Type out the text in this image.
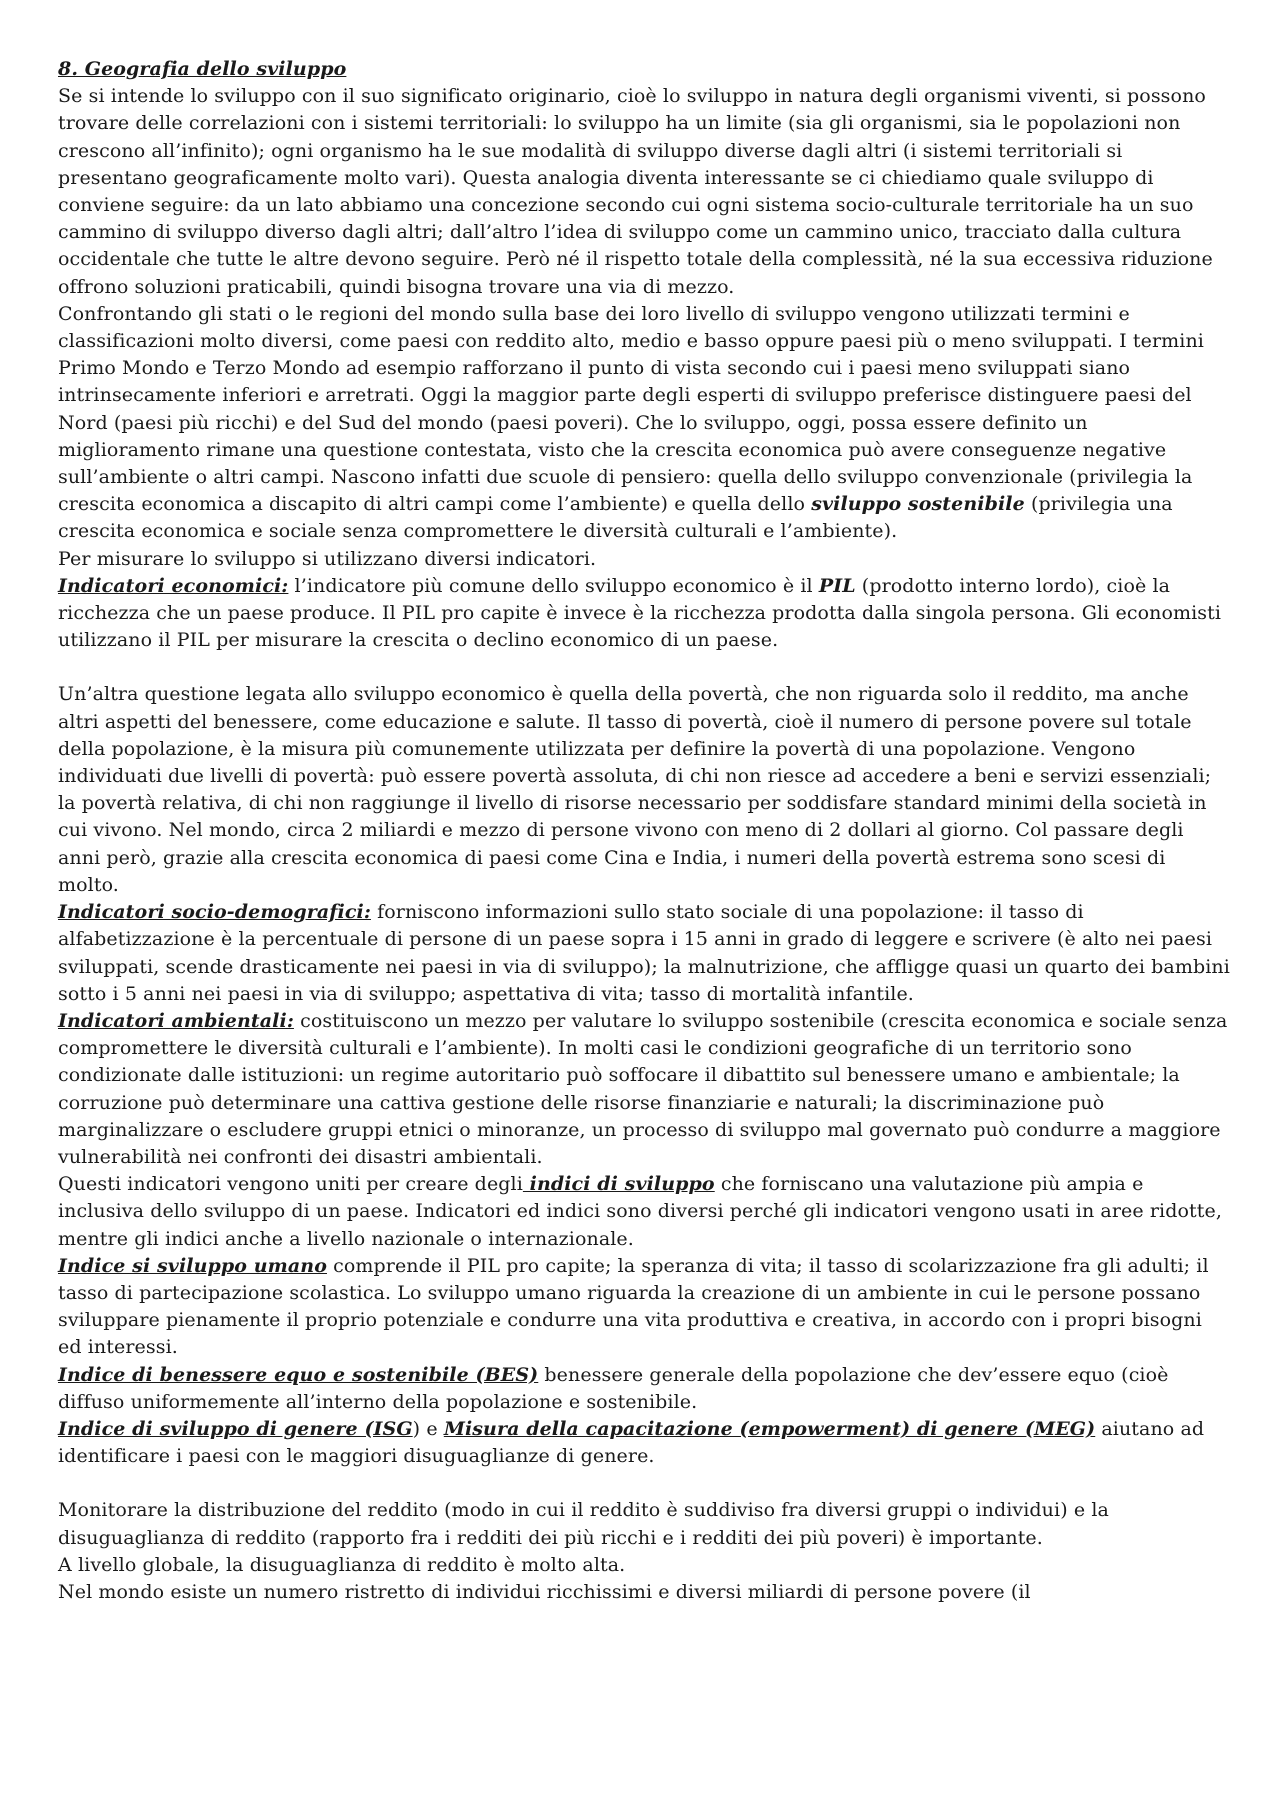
8. Geografia dello sviluppo

Se si intende lo sviluppo con il suo significato originario, cioè lo sviluppo in natura degli organismi viventi, si possono trovare delle correlazioni con i sistemi territoriali: lo sviluppo ha un limite (sia gli organismi, sia le popolazioni non crescono all’infinito); ogni organismo ha le sue modalità di sviluppo diverse dagli altri (i sistemi territoriali si presentano geograficamente molto vari). Questa analogia diventa interessante se ci chiediamo quale sviluppo di conviene seguire: da un lato abbiamo una concezione secondo cui ogni sistema socio-culturale territoriale ha un suo cammino di sviluppo diverso dagli altri; dall’altro l’idea di sviluppo come un cammino unico, tracciato dalla cultura occidentale che tutte le altre devono seguire. Però né il rispetto totale della complessità, né la sua eccessiva riduzione offrono soluzioni praticabili, quindi bisogna trovare una via di mezzo.

Confrontando gli stati o le regioni del mondo sulla base dei loro livello di sviluppo vengono utilizzati termini e classificazioni molto diversi, come paesi con reddito alto, medio e basso oppure paesi più o meno sviluppati. I termini Primo Mondo e Terzo Mondo ad esempio rafforzano il punto di vista secondo cui i paesi meno sviluppati siano intrinsecamente inferiori e arretrati. Oggi la maggior parte degli esperti di sviluppo preferisce distinguere paesi del Nord (paesi più ricchi) e del Sud del mondo (paesi poveri). Che lo sviluppo, oggi, possa essere definito un miglioramento rimane una questione contestata, visto che la crescita economica può avere conseguenze negative sull’ambiente o altri campi. Nascono infatti due scuole di pensiero: quella dello sviluppo convenzionale (privilegia la crescita economica a discapito di altri campi come l’ambiente) e quella dello sviluppo sostenibile (privilegia una crescita economica e sociale senza compromettere le diversità culturali e l’ambiente).

Per misurare lo sviluppo si utilizzano diversi indicatori.

Indicatori economici: l’indicatore più comune dello sviluppo economico è il PIL (prodotto interno lordo), cioè la ricchezza che un paese produce. Il PIL pro capite è invece è la ricchezza prodotta dalla singola persona. Gli economisti utilizzano il PIL per misurare la crescita o declino economico di un paese.

Un’altra questione legata allo sviluppo economico è quella della povertà, che non riguarda solo il reddito, ma anche altri aspetti del benessere, come educazione e salute. Il tasso di povertà, cioè il numero di persone povere sul totale della popolazione, è la misura più comunemente utilizzata per definire la povertà di una popolazione. Vengono individuati due livelli di povertà: può essere povertà assoluta, di chi non riesce ad accedere a beni e servizi essenziali; la povertà relativa, di chi non raggiunge il livello di risorse necessario per soddisfare standard minimi della società in cui vivono. Nel mondo, circa 2 miliardi e mezzo di persone vivono con meno di 2 dollari al giorno. Col passare degli anni però, grazie alla crescita economica di paesi come Cina e India, i numeri della povertà estrema sono scesi di molto.

Indicatori socio-demografici: forniscono informazioni sullo stato sociale di una popolazione: il tasso di alfabetizzazione è la percentuale di persone di un paese sopra i 15 anni in grado di leggere e scrivere (è alto nei paesi sviluppati, scende drasticamente nei paesi in via di sviluppo); la malnutrizione, che affligge quasi un quarto dei bambini sotto i 5 anni nei paesi in via di sviluppo; aspettativa di vita; tasso di mortalità infantile.

Indicatori ambientali: costituiscono un mezzo per valutare lo sviluppo sostenibile (crescita economica e sociale senza compromettere le diversità culturali e l’ambiente). In molti casi le condizioni geografiche di un territorio sono condizionate dalle istituzioni: un regime autoritario può soffocare il dibattito sul benessere umano e ambientale; la corruzione può determinare una cattiva gestione delle risorse finanziarie e naturali; la discriminazione può marginalizzare o escludere gruppi etnici o minoranze, un processo di sviluppo mal governato può condurre a maggiore vulnerabilità nei confronti dei disastri ambientali.

Questi indicatori vengono uniti per creare degli indici di sviluppo che forniscano una valutazione più ampia e inclusiva dello sviluppo di un paese. Indicatori ed indici sono diversi perché gli indicatori vengono usati in aree ridotte, mentre gli indici anche a livello nazionale o internazionale.

Indice si sviluppo umano comprende il PIL pro capite; la speranza di vita; il tasso di scolarizzazione fra gli adulti; il tasso di partecipazione scolastica. Lo sviluppo umano riguarda la creazione di un ambiente in cui le persone possano sviluppare pienamente il proprio potenziale e condurre una vita produttiva e creativa, in accordo con i propri bisogni ed interessi.

Indice di benessere equo e sostenibile (BES) benessere generale della popolazione che dev’essere equo (cioè diffuso uniformemente all’interno della popolazione e sostenibile.

Indice di sviluppo di genere (ISG) e Misura della capacitazione (empowerment) di genere (MEG) aiutano ad identificare i paesi con le maggiori disuguaglianze di genere.

Monitorare la distribuzione del reddito (modo in cui il reddito è suddiviso fra diversi gruppi o individui) e la disuguaglianza di reddito (rapporto fra i redditi dei più ricchi e i redditi dei più poveri) è importante.

A livello globale, la disuguaglianza di reddito è molto alta.

Nel mondo esiste un numero ristretto di individui ricchissimi e diversi miliardi di persone povere (il
